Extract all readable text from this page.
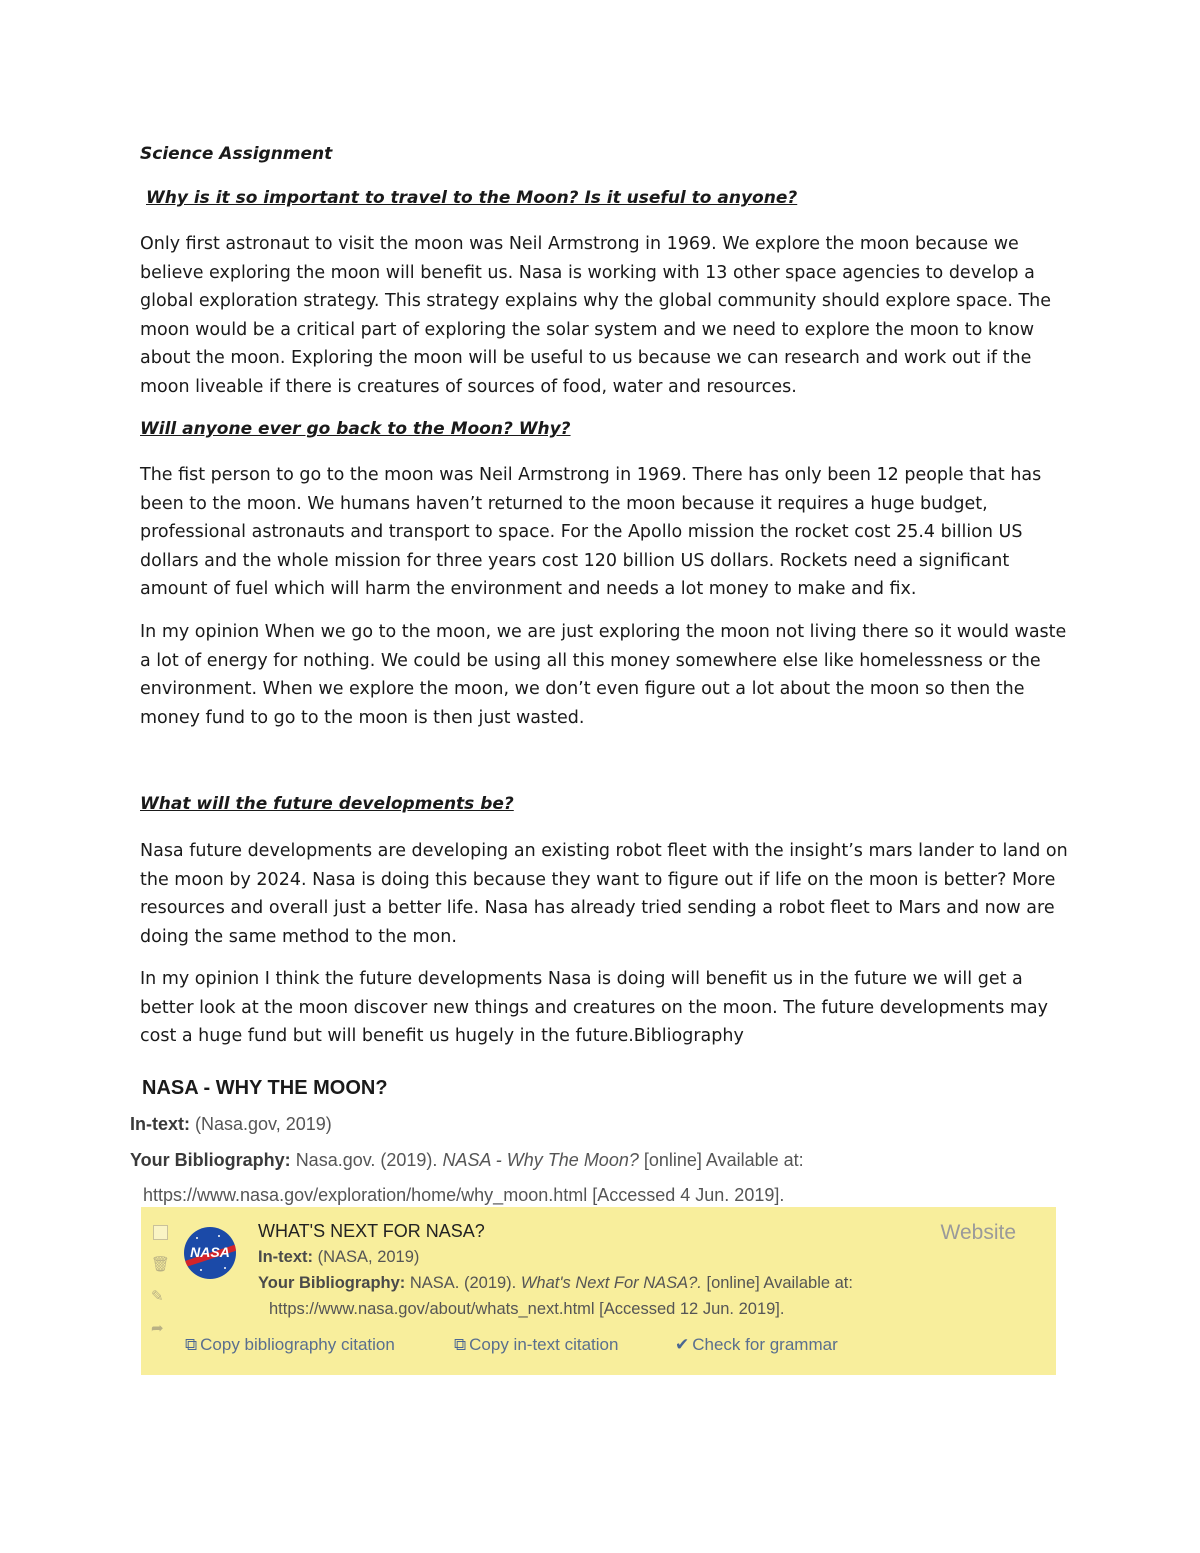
Science Assignment
Why is it so important to travel to the Moon? Is it useful to anyone?

Only first astronaut to visit the moon was Neil Armstrong in 1969. We explore the moon because we believe exploring the moon will benefit us. Nasa is working with 13 other space agencies to develop a global exploration strategy. This strategy explains why the global community should explore space. The moon would be a critical part of exploring the solar system and we need to explore the moon to know about the moon. Exploring the moon will be useful to us because we can research and work out if the moon liveable if there is creatures of sources of food, water and resources.

Will anyone ever go back to the Moon? Why?

The fist person to go to the moon was Neil Armstrong in 1969. There has only been 12 people that has been to the moon. We humans haven’t returned to the moon because it requires a huge budget, professional astronauts and transport to space. For the Apollo mission the rocket cost 25.4 billion US dollars and the whole mission for three years cost 120 billion US dollars. Rockets need a significant amount of fuel which will harm the environment and needs a lot money to make and fix.

In my opinion When we go to the moon, we are just exploring the moon not living there so it would waste a lot of energy for nothing. We could be using all this money somewhere else like homelessness or the environment. When we explore the moon, we don’t even figure out a lot about the moon so then the money fund to go to the moon is then just wasted.

What will the future developments be?

Nasa future developments are developing an existing robot fleet with the insight’s mars lander to land on the moon by 2024. Nasa is doing this because they want to figure out if life on the moon is better? More resources and overall just a better life. Nasa has already tried sending a robot fleet to Mars and now are doing the same method to the mon.

In my opinion I think the future developments Nasa is doing will benefit us in the future we will get a better look at the moon discover new things and creatures on the moon. The future developments may cost a huge fund but will benefit us hugely in the future.Bibliography

NASA - WHY THE MOON?
In-text: (Nasa.gov, 2019)
Your Bibliography: Nasa.gov. (2019). NASA - Why The Moon? [online] Available at:
https://www.nasa.gov/exploration/home/why_moon.html [Accessed 4 Jun. 2019].
🗑
✎
➦
NASA
WHAT'S NEXT FOR NASA?	Website
In-text: (NASA, 2019)
Your Bibliography: NASA. (2019). What's Next For NASA?. [online] Available at:
https://www.nasa.gov/about/whats_next.html [Accessed 12 Jun. 2019].
⧉ Copy bibliography citation	⧉ Copy in-text citation	✔ Check for grammar
